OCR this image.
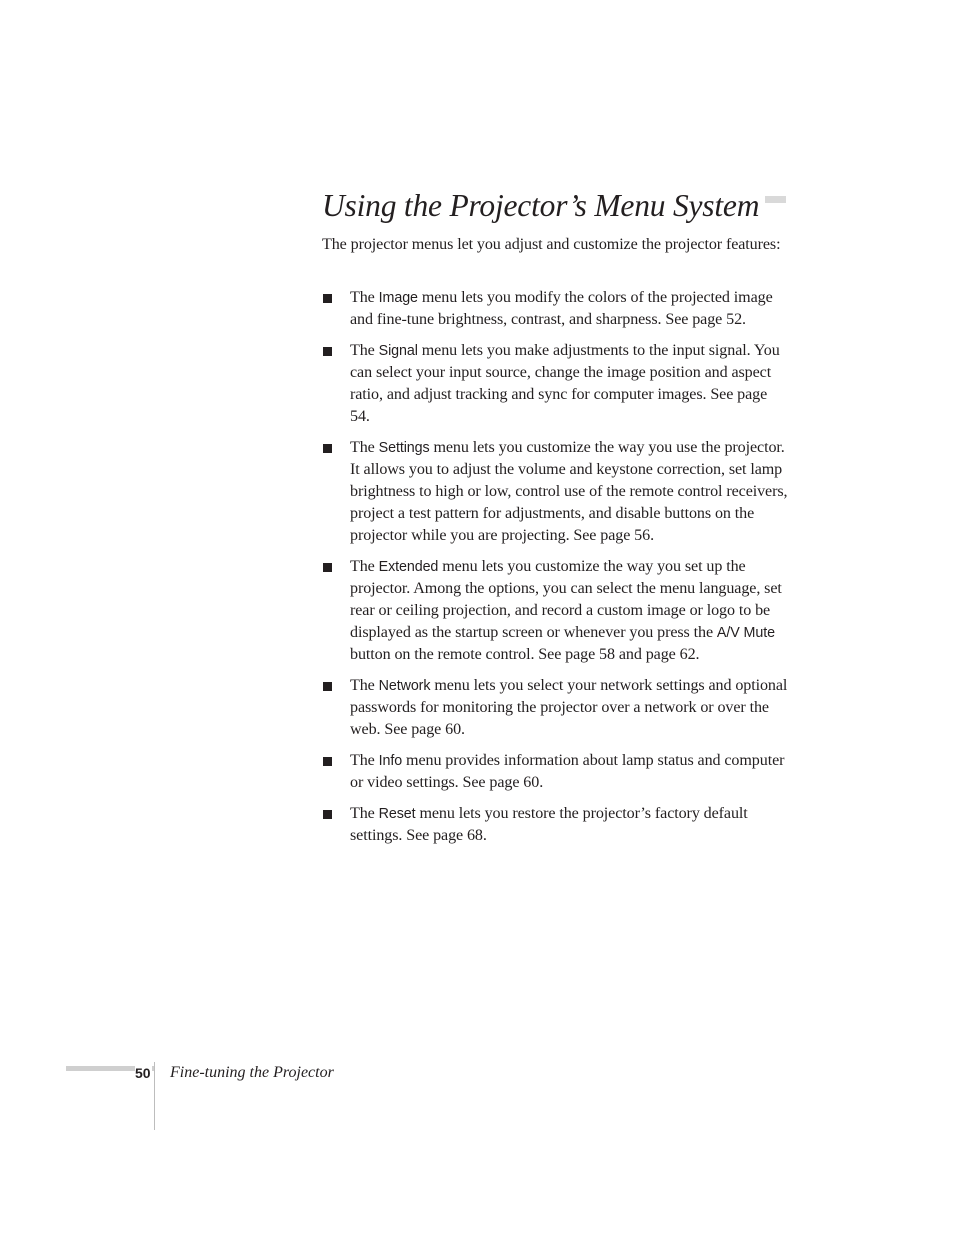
Using the Projector’s Menu System

The projector menus let you adjust and customize the projector features:

The Image menu lets you modify the colors of the projected image and fine-tune brightness, contrast, and sharpness. See page 52.
The Signal menu lets you make adjustments to the input signal. You can select your input source, change the image position and aspect ratio, and adjust tracking and sync for computer images. See page 54.
The Settings menu lets you customize the way you use the projector. It allows you to adjust the volume and keystone correction, set lamp brightness to high or low, control use of the remote control receivers, project a test pattern for adjustments, and disable buttons on the projector while you are projecting. See page 56.
The Extended menu lets you customize the way you set up the projector. Among the options, you can select the menu language, set rear or ceiling projection, and record a custom image or logo to be displayed as the startup screen or whenever you press the A/V Mute button on the remote control. See page 58 and page 62.
The Network menu lets you select your network settings and optional passwords for monitoring the projector over a network or over the web. See page 60.
The Info menu provides information about lamp status and computer or video settings. See page 60.
The Reset menu lets you restore the projector’s factory default settings. See page 68.
50 Fine-tuning the Projector
